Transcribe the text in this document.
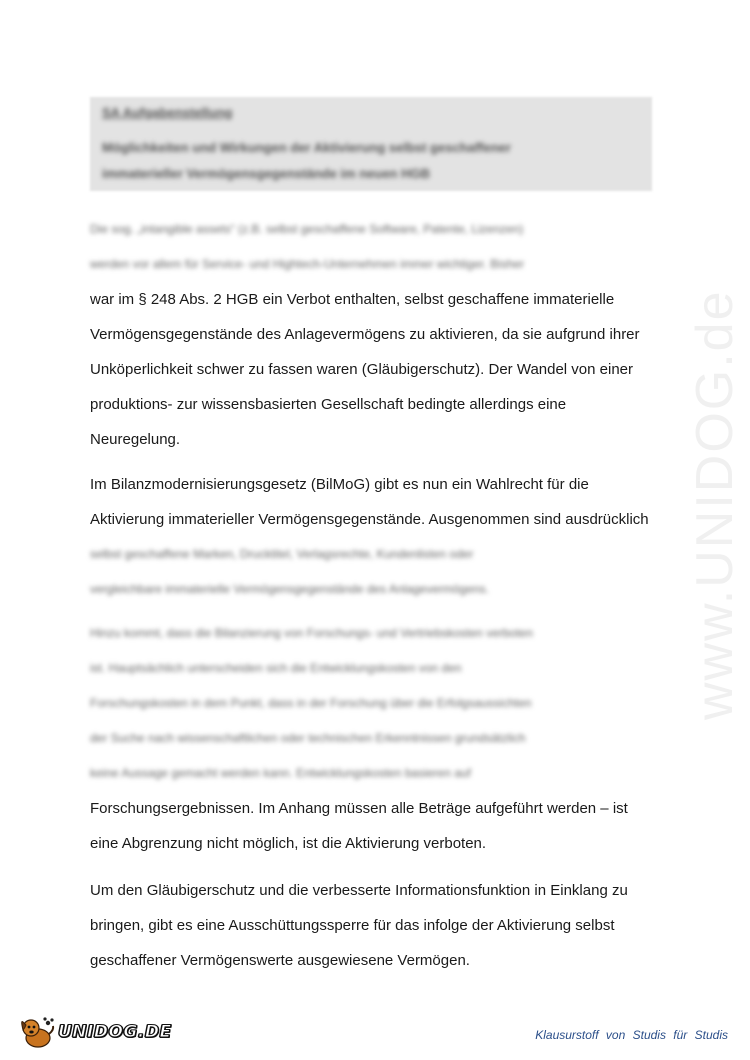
SA Aufgabenstellung
Möglichkeiten und Wirkungen der Aktivierung selbst geschaffener
immaterieller Vermögensgegenstände im neuen HGB
Die sog. „intangible assets“ (z.B. selbst geschaffene Software, Patente, Lizenzen)
werden vor allem für Service- und Hightech-Unternehmen immer wichtiger. Bisher
war im § 248 Abs. 2 HGB ein Verbot enthalten, selbst geschaffene immaterielle
Vermögensgegenstände des Anlagevermögens zu aktivieren, da sie aufgrund ihrer
Unköperlichkeit schwer zu fassen waren (Gläubigerschutz). Der Wandel von einer
produktions- zur wissensbasierten Gesellschaft bedingte allerdings eine
Neuregelung.
Im Bilanzmodernisierungsgesetz (BilMoG) gibt es nun ein Wahlrecht für die
Aktivierung immaterieller Vermögensgegenstände. Ausgenommen sind ausdrücklich
selbst geschaffene Marken, Drucktitel, Verlagsrechte, Kundenlisten oder
vergleichbare immaterielle Vermögensgegenstände des Anlagevermögens.
Hinzu kommt, dass die Bilanzierung von Forschungs- und Vertriebskosten verboten
ist. Hauptsächlich unterscheiden sich die Entwicklungskosten von den
Forschungskosten in dem Punkt, dass in der Forschung über die Erfolgsaussichten
der Suche nach wissenschaftlichen oder technischen Erkenntnissen grundsätzlich
keine Aussage gemacht werden kann. Entwicklungskosten basieren auf
Forschungsergebnissen. Im Anhang müssen alle Beträge aufgeführt werden – ist
eine Abgrenzung nicht möglich, ist die Aktivierung verboten.
Um den Gläubigerschutz und die verbesserte Informationsfunktion in Einklang zu
bringen, gibt es eine Ausschüttungssperre für das infolge der Aktivierung selbst
geschaffener Vermögenswerte ausgewiesene Vermögen.
www.UNIDOG.de
UNIDOG.DE	Klausurstoff von Studis für Studis
